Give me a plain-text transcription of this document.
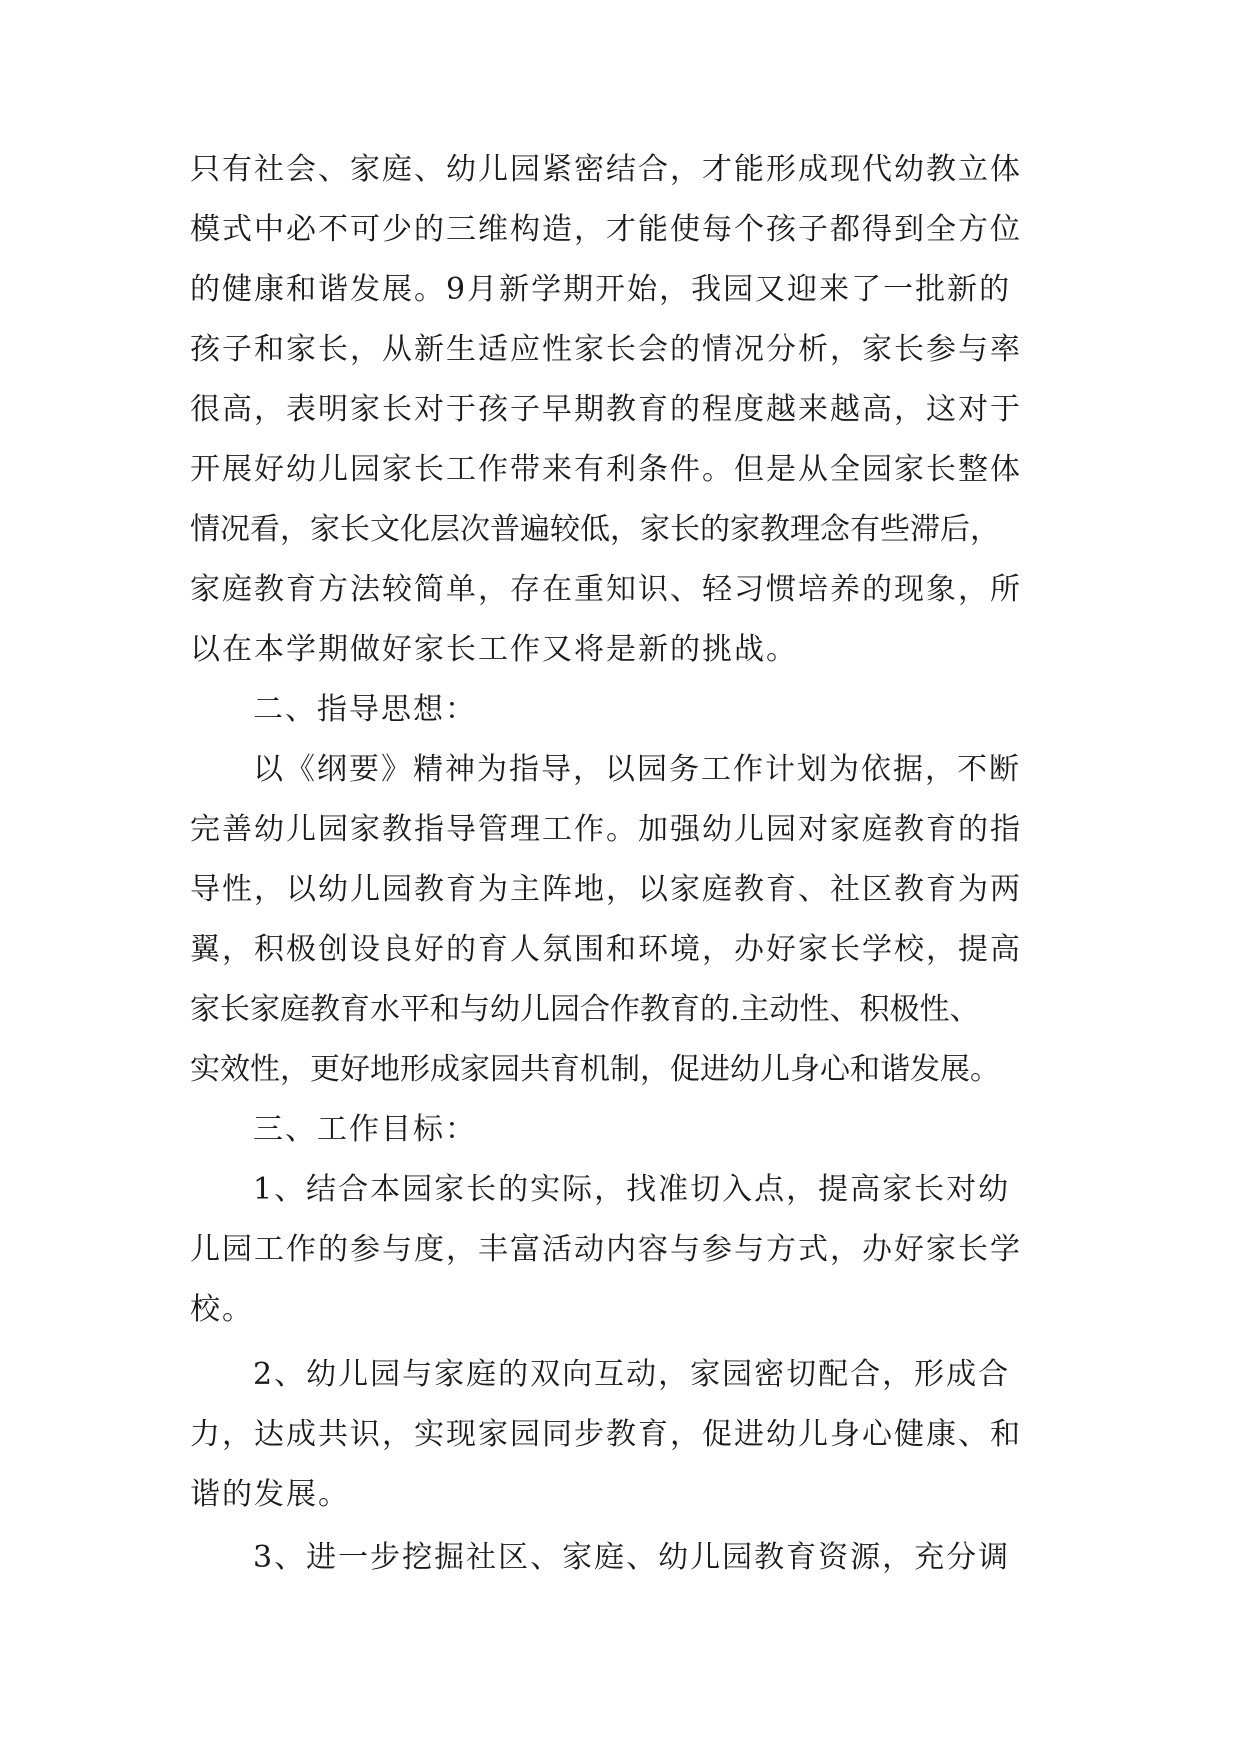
只有社会、家庭、幼儿园紧密结合，才能形成现代幼教立体

模式中必不可少的三维构造，才能使每个孩子都得到全方位

的健康和谐发展。9月新学期开始，我园又迎来了一批新的

孩子和家长，从新生适应性家长会的情况分析，家长参与率

很高，表明家长对于孩子早期教育的程度越来越高，这对于

开展好幼儿园家长工作带来有利条件。但是从全园家长整体

情况看，家长文化层次普遍较低，家长的家教理念有些滞后，

家庭教育方法较简单，存在重知识、轻习惯培养的现象，所

以在本学期做好家长工作又将是新的挑战。

二、指导思想：

以《纲要》精神为指导，以园务工作计划为依据，不断

完善幼儿园家教指导管理工作。加强幼儿园对家庭教育的指

导性，以幼儿园教育为主阵地，以家庭教育、社区教育为两

翼，积极创设良好的育人氛围和环境，办好家长学校，提高

家长家庭教育水平和与幼儿园合作教育的.主动性、积极性、

实效性，更好地形成家园共育机制，促进幼儿身心和谐发展。

三、工作目标：

1、结合本园家长的实际，找准切入点，提高家长对幼

儿园工作的参与度，丰富活动内容与参与方式，办好家长学

校。

2、幼儿园与家庭的双向互动，家园密切配合，形成合

力，达成共识，实现家园同步教育，促进幼儿身心健康、和

谐的发展。

3、进一步挖掘社区、家庭、幼儿园教育资源，充分调
